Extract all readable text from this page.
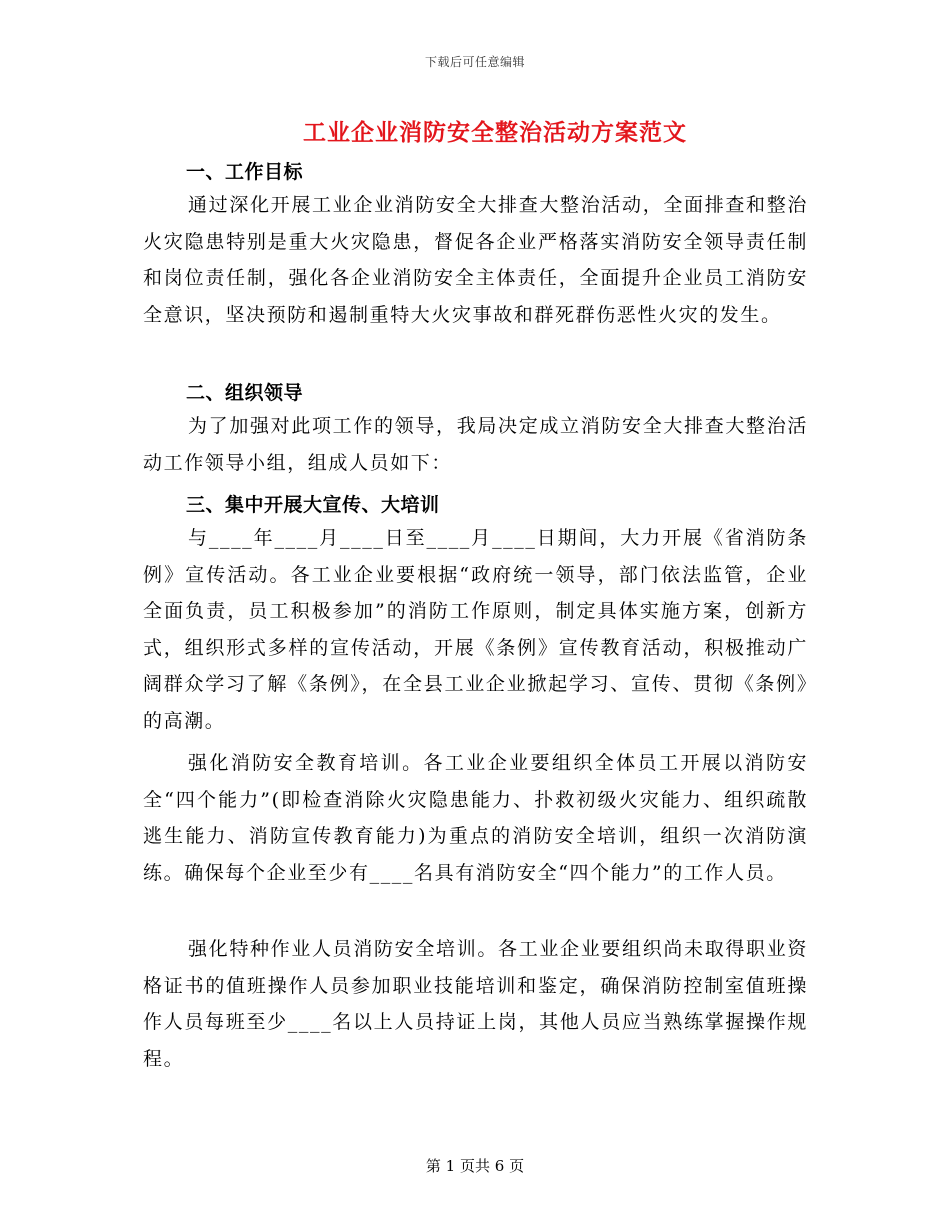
下载后可任意编辑
工业企业消防安全整治活动方案范文
一、工作目标
通过深化开展工业企业消防安全大排查大整治活动，全面排查和整治火灾隐患特别是重大火灾隐患，督促各企业严格落实消防安全领导责任制和岗位责任制，强化各企业消防安全主体责任，全面提升企业员工消防安全意识，坚决预防和遏制重特大火灾事故和群死群伤恶性火灾的发生。
二、组织领导
为了加强对此项工作的领导，我局决定成立消防安全大排查大整治活动工作领导小组，组成人员如下：
三、集中开展大宣传、大培训
与____年____月____日至____月____日期间，大力开展《省消防条例》宣传活动。各工业企业要根据“政府统一领导，部门依法监管，企业全面负责，员工积极参加”的消防工作原则，制定具体实施方案，创新方式，组织形式多样的宣传活动，开展《条例》宣传教育活动，积极推动广阔群众学习了解《条例》，在全县工业企业掀起学习、宣传、贯彻《条例》的高潮。
强化消防安全教育培训。各工业企业要组织全体员工开展以消防安全“四个能力”(即检查消除火灾隐患能力、扑救初级火灾能力、组织疏散逃生能力、消防宣传教育能力)为重点的消防安全培训，组织一次消防演练。确保每个企业至少有____名具有消防安全“四个能力”的工作人员。
强化特种作业人员消防安全培训。各工业企业要组织尚未取得职业资格证书的值班操作人员参加职业技能培训和鉴定，确保消防控制室值班操作人员每班至少____名以上人员持证上岗，其他人员应当熟练掌握操作规程。
第 1 页共 6 页
